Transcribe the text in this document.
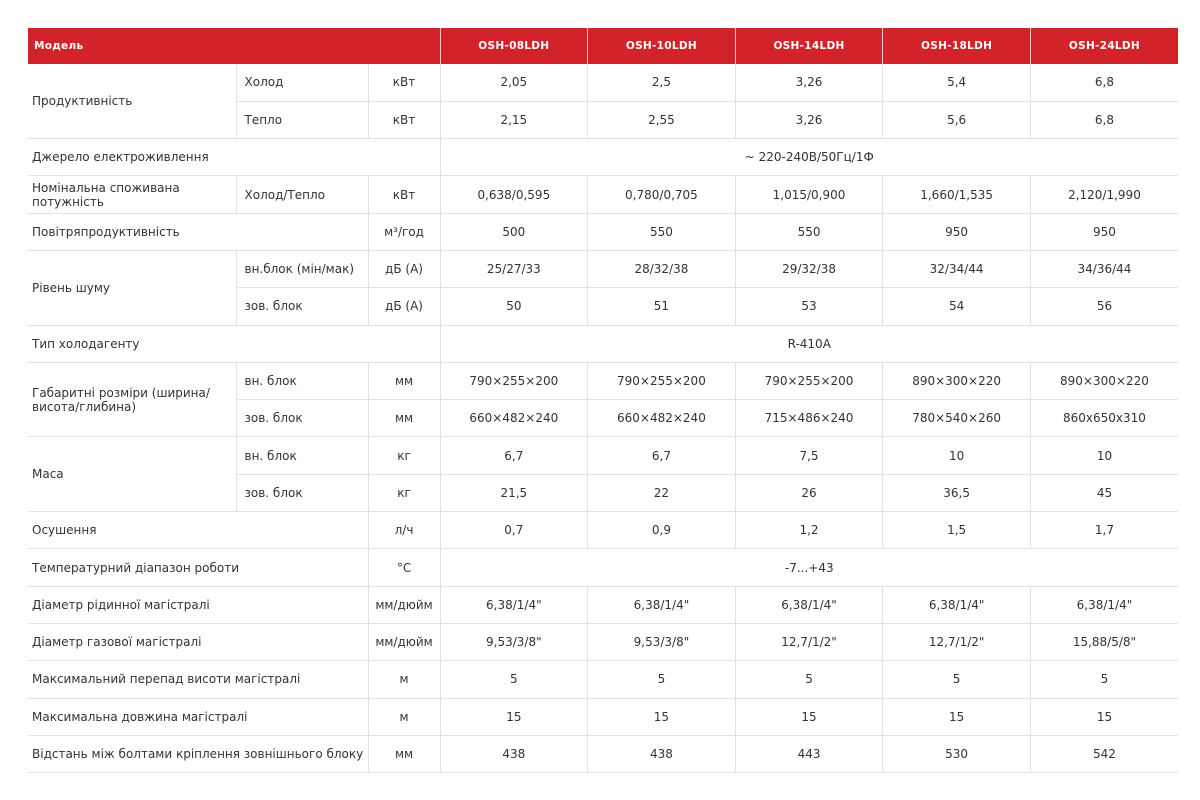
Модель			OSH-08LDH	OSH-10LDH	OSH-14LDH	OSH-18LDH	OSH-24LDH
Продуктивність	Холод	кВт	2,05	2,5	3,26	5,4	6,8
	Тепло	кВт	2,15	2,55	3,26	5,6	6,8
Джерело електроживлення			~ 220-240В/50Гц/1Ф				
Номінальна споживана потужність	Холод/Тепло	кВт	0,638/0,595	0,780/0,705	1,015/0,900	1,660/1,535	2,120/1,990
Повітряпродуктивність		м³/год	500	550	550	950	950
Рівень шуму	вн.блок (мін/мак)	дБ (А)	25/27/33	28/32/38	29/32/38	32/34/44	34/36/44
	зов. блок	дБ (А)	50	51	53	54	56
Тип холодагенту			R-410A				
Габаритні розміри (ширина/висота/глибина)	вн. блок	мм	790×255×200	790×255×200	790×255×200	890×300×220	890×300×220
	зов. блок	мм	660×482×240	660×482×240	715×486×240	780×540×260	860x650x310
Маса	вн. блок	кг	6,7	6,7	7,5	10	10
	зов. блок	кг	21,5	22	26	36,5	45
Осушення		л/ч	0,7	0,9	1,2	1,5	1,7
Температурний діапазон роботи		°C	-7...+43				
Діаметр рідинної магістралі		мм/дюйм	6,38/1/4"	6,38/1/4"	6,38/1/4"	6,38/1/4"	6,38/1/4"
Діаметр газової магістралі		мм/дюйм	9,53/3/8"	9,53/3/8"	12,7/1/2"	12,7/1/2"	15,88/5/8"
Максимальний перепад висоти магістралі		м	5	5	5	5	5
Максимальна довжина магістралі		м	15	15	15	15	15
Відстань між болтами кріплення зовнішнього блоку		мм	438	438	443	530	542
